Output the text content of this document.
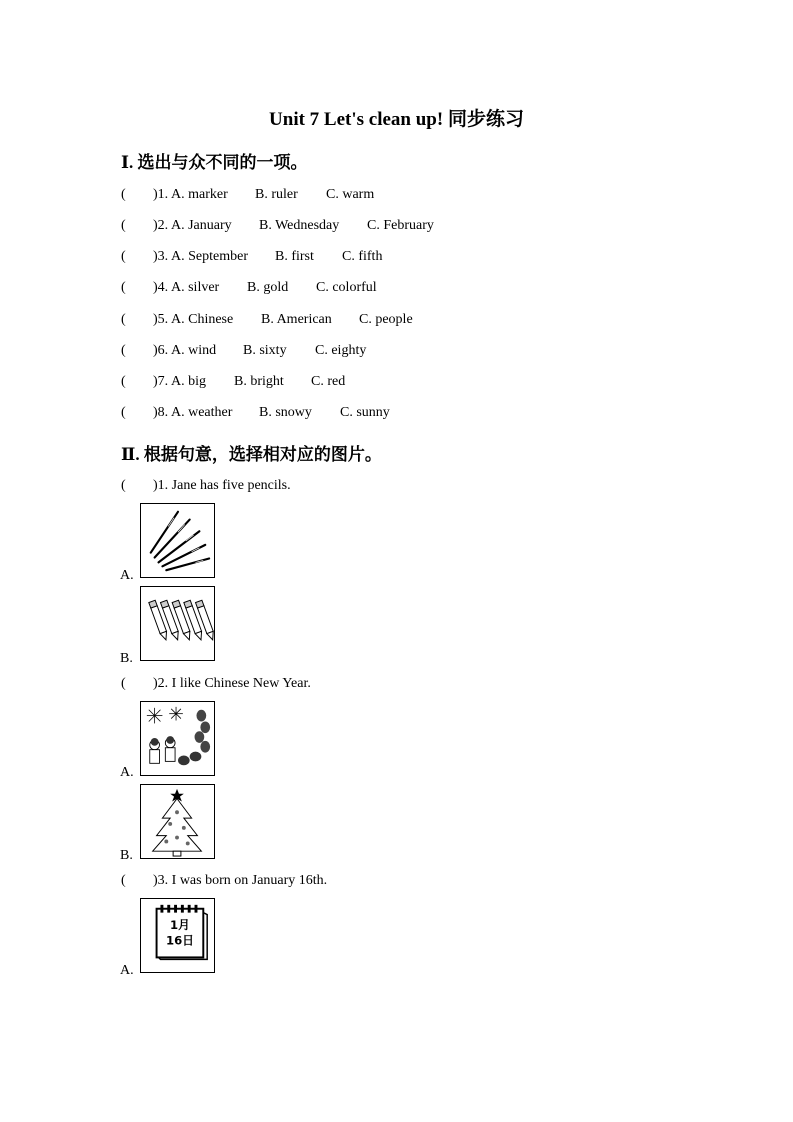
Unit 7 Let's clean up! 同步练习
Ⅰ. 选出与众不同的一项。
( )1. A. marker B. ruler C. warm
( )2. A. January B. Wednesday C. February
( )3. A. September B. first C. fifth
( )4. A. silver B. gold C. colorful
( )5. A. Chinese B. American C. people
( )6. A. wind B. sixty C. eighty
( )7. A. big B. bright C. red
( )8. A. weather B. snowy C. sunny
Ⅱ. 根据句意，选择相对应的图片。
( )1. Jane has five pencils.
A.
B.
( )2. I like Chinese New Year.
A.
B.
( )3. I was born on January 16th.
1月
16日
A.
